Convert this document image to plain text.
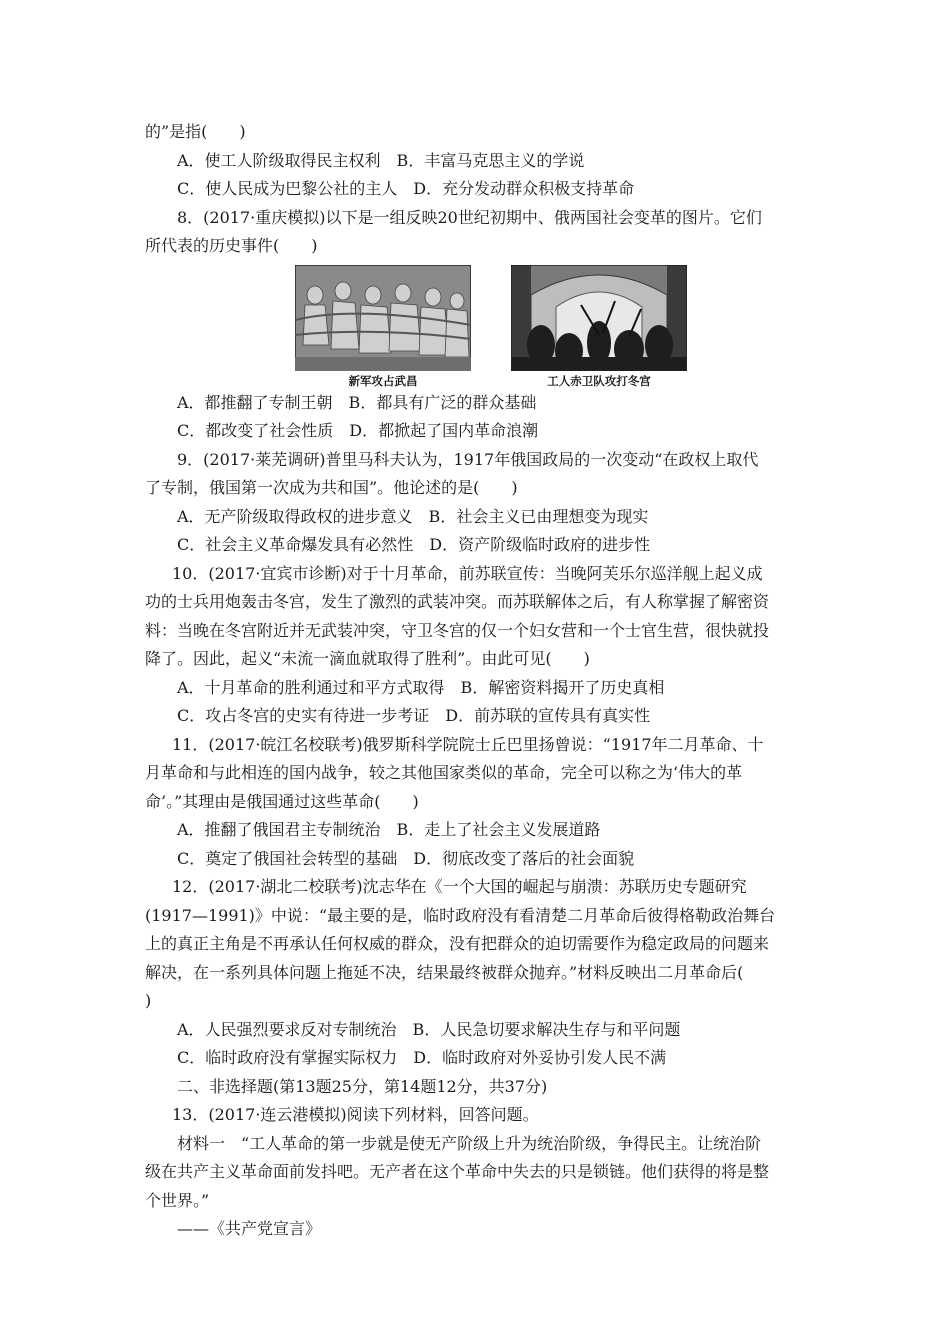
的”是指(　　)
A．使工人阶级取得民主权利　B．丰富马克思主义的学说
C．使人民成为巴黎公社的主人　D．充分发动群众积极支持革命
8．(2017·重庆模拟)以下是一组反映20世纪初期中、俄两国社会变革的图片。它们
所代表的历史事件(　　)
新军攻占武昌	工人赤卫队攻打冬宫
A．都推翻了专制王朝　B．都具有广泛的群众基础
C．都改变了社会性质　D．都掀起了国内革命浪潮
9．(2017·莱芜调研)普里马科夫认为，1917年俄国政局的一次变动“在政权上取代
了专制，俄国第一次成为共和国”。他论述的是(　　)
A．无产阶级取得政权的进步意义　B．社会主义已由理想变为现实
C．社会主义革命爆发具有必然性　D．资产阶级临时政府的进步性
10．(2017·宜宾市诊断)对于十月革命，前苏联宣传：当晚阿芙乐尔巡洋舰上起义成
功的士兵用炮轰击冬宫，发生了激烈的武装冲突。而苏联解体之后，有人称掌握了解密资
料：当晚在冬宫附近并无武装冲突，守卫冬宫的仅一个妇女营和一个士官生营，很快就投
降了。因此，起义“未流一滴血就取得了胜利”。由此可见(　　)
A．十月革命的胜利通过和平方式取得　B．解密资料揭开了历史真相
C．攻占冬宫的史实有待进一步考证　D．前苏联的宣传具有真实性
11．(2017·皖江名校联考)俄罗斯科学院院士丘巴里扬曾说：“1917年二月革命、十
月革命和与此相连的国内战争，较之其他国家类似的革命，完全可以称之为‘伟大的革
命’。”其理由是俄国通过这些革命(　　)
A．推翻了俄国君主专制统治　B．走上了社会主义发展道路
C．奠定了俄国社会转型的基础　D．彻底改变了落后的社会面貌
12．(2017·湖北二校联考)沈志华在《一个大国的崛起与崩溃：苏联历史专题研究
(1917—1991)》中说：“最主要的是，临时政府没有看清楚二月革命后彼得格勒政治舞台
上的真正主角是不再承认任何权威的群众，没有把群众的迫切需要作为稳定政局的问题来
解决，在一系列具体问题上拖延不决，结果最终被群众抛弃。”材料反映出二月革命后(
)
A．人民强烈要求反对专制统治　B．人民急切要求解决生存与和平问题
C．临时政府没有掌握实际权力　D．临时政府对外妥协引发人民不满
二、非选择题(第13题25分，第14题12分，共37分)
13．(2017·连云港模拟)阅读下列材料，回答问题。
材料一　“工人革命的第一步就是使无产阶级上升为统治阶级，争得民主。让统治阶
级在共产主义革命面前发抖吧。无产者在这个革命中失去的只是锁链。他们获得的将是整
个世界。”
——《共产党宣言》
